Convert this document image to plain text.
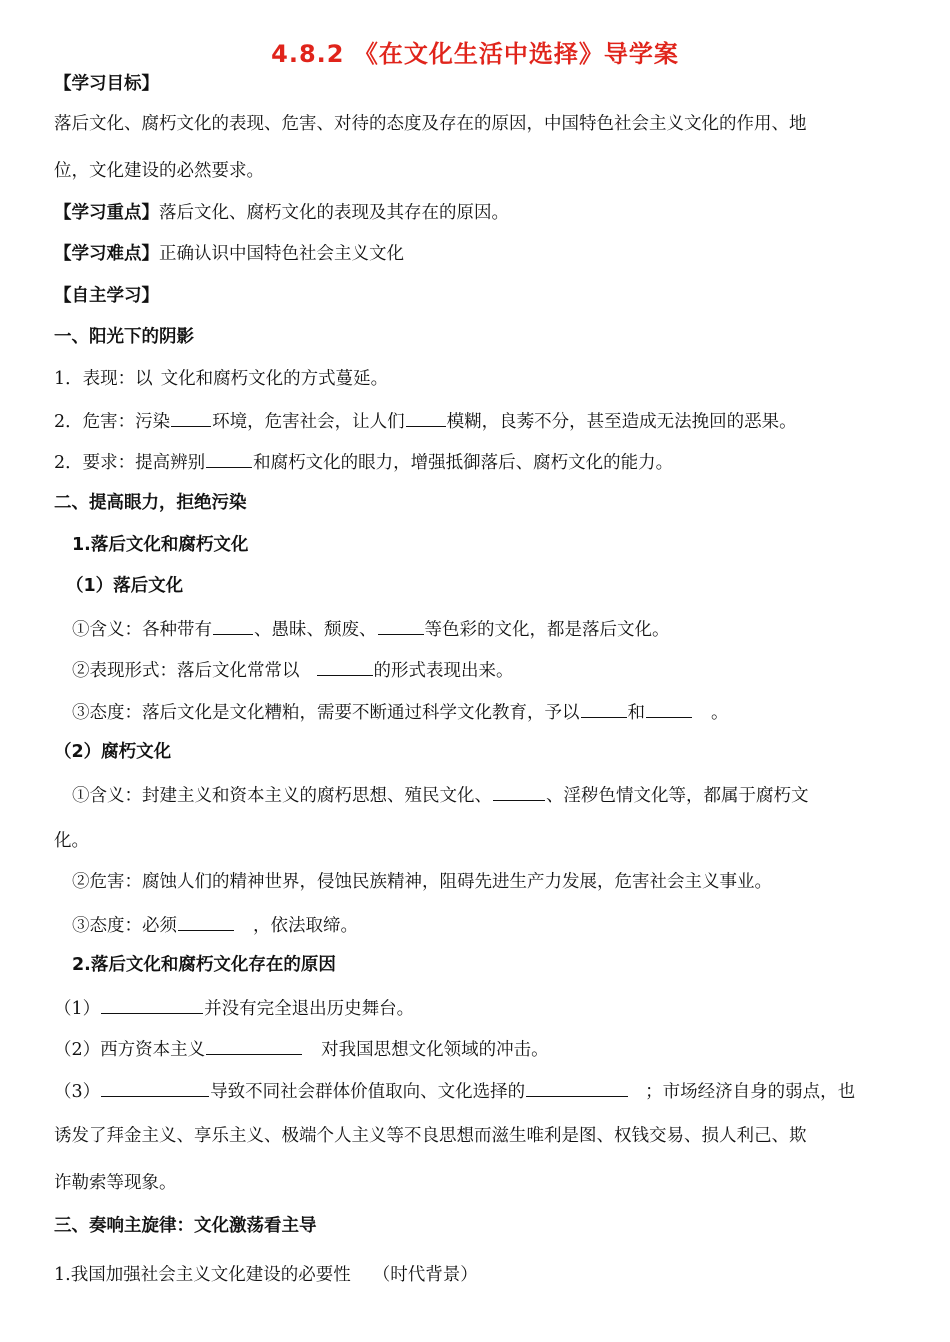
4.8.2 《在文化生活中选择》导学案
【学习目标】
落后文化、腐朽文化的表现、危害、对待的态度及存在的原因，中国特色社会主义文化的作用、地
位，文化建设的必然要求。
【学习重点】落后文化、腐朽文化的表现及其存在的原因。
【学习难点】正确认识中国特色社会主义文化
【自主学习】
一、阳光下的阴影
1．表现：以 文化和腐朽文化的方式蔓延。
2．危害：污染 环境，危害社会，让人们 模糊，良莠不分，甚至造成无法挽回的恶果。
2．要求：提高辨别	和腐朽文化的眼力，增强抵御落后、腐朽文化的能力。
二、提高眼力，拒绝污染
1.落后文化和腐朽文化
（1）落后文化
①含义：各种带有 、愚昧、颓废、	等色彩的文化，都是落后文化。
②表现形式：落后文化常常以	的形式表现出来。
③态度：落后文化是文化糟粕，需要不断通过科学文化教育，予以	和	。
（2）腐朽文化
①含义：封建主义和资本主义的腐朽思想、殖民文化、	、淫秽色情文化等，都属于腐朽文
化。
②危害：腐蚀人们的精神世界，侵蚀民族精神，阻碍先进生产力发展，危害社会主义事业。
③态度：必须	，依法取缔。
2.落后文化和腐朽文化存在的原因
（1）	并没有完全退出历史舞台。
（2）西方资本主义	对我国思想文化领域的冲击。
（3）	导致不同社会群体价值取向、文化选择的	；市场经济自身的弱点，也
诱发了拜金主义、享乐主义、极端个人主义等不良思想而滋生唯利是图、权钱交易、损人利己、欺
诈勒索等现象。
三、奏响主旋律：文化激荡看主导
1.我国加强社会主义文化建设的必要性 （时代背景）
